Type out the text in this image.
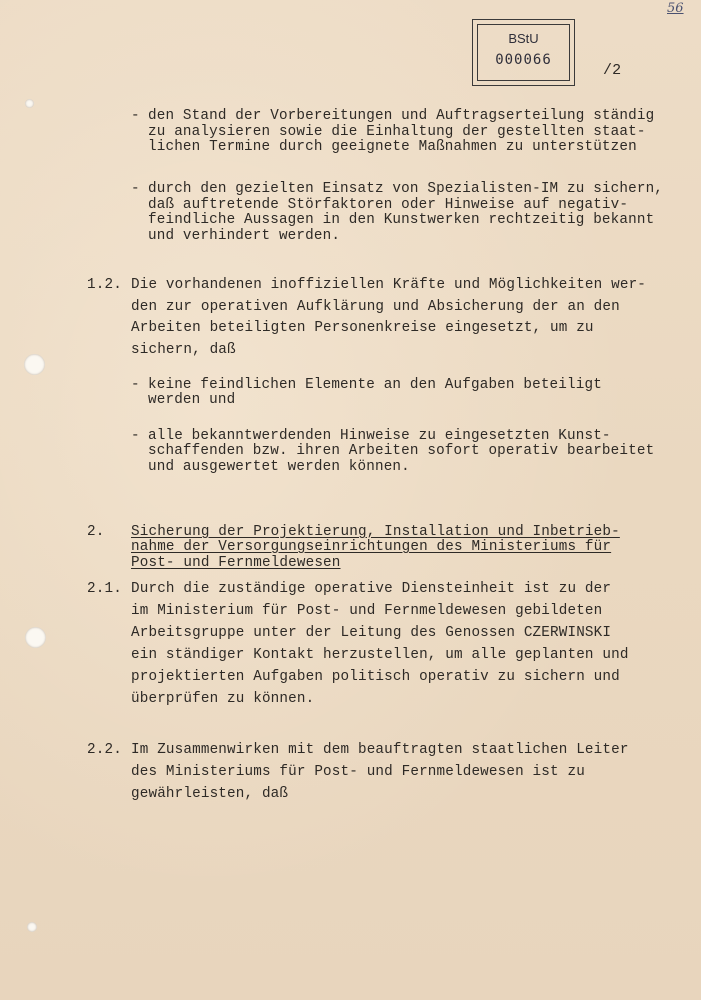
56
BStU
000066
/2
- den Stand der Vorbereitungen und Auftragserteilung ständig
zu analysieren sowie die Einhaltung der gestellten staat-
lichen Termine durch geeignete Maßnahmen zu unterstützen
- durch den gezielten Einsatz von Spezialisten-IM zu sichern,
daß auftretende Störfaktoren oder Hinweise auf negativ-
feindliche Aussagen in den Kunstwerken rechtzeitig bekannt
und verhindert werden.
1.2. Die vorhandenen inoffiziellen Kräfte und Möglichkeiten wer-
den zur operativen Aufklärung und Absicherung der an den
Arbeiten beteiligten Personenkreise eingesetzt, um zu
sichern, daß
- keine feindlichen Elemente an den Aufgaben beteiligt
werden und
- alle bekanntwerdenden Hinweise zu eingesetzten Kunst-
schaffenden bzw. ihren Arbeiten sofort operativ bearbeitet
und ausgewertet werden können.
2. Sicherung der Projektierung, Installation und Inbetrieb-
nahme der Versorgungseinrichtungen des Ministeriums für
Post- und Fernmeldewesen
2.1. Durch die zuständige operative Diensteinheit ist zu der
im Ministerium für Post- und Fernmeldewesen gebildeten
Arbeitsgruppe unter der Leitung des Genossen CZERWINSKI
ein ständiger Kontakt herzustellen, um alle geplanten und
projektierten Aufgaben politisch operativ zu sichern und
überprüfen zu können.
2.2. Im Zusammenwirken mit dem beauftragten staatlichen Leiter
des Ministeriums für Post- und Fernmeldewesen ist zu
gewährleisten, daß
